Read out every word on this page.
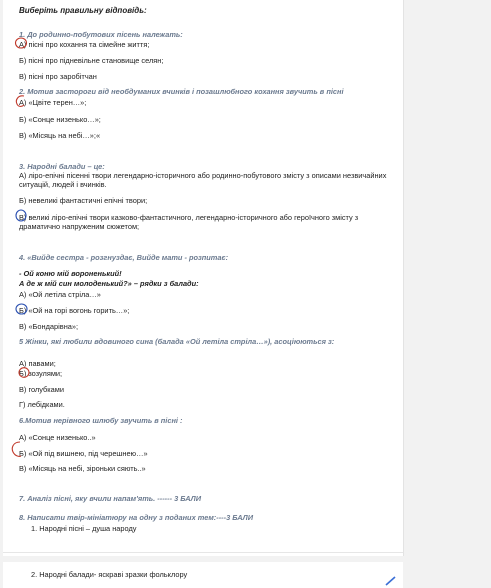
Виберіть правильну відповідь:
1. До родинно-побутових пісень належать:
А) пісні про кохання та сімейне життя;
Б) пісні про підневільне становище селян;
В) пісні про заробітчан
2. Мотив застороги від необдуманих вчинків і позашлюбного кохання звучить в пісні
А) «Цвіте терен…»;
Б) «Сонце низенько…»;
В) «Місяць на небі…»;«
3. Народні балади – це:
А) ліро-епічні пісенні твори легендарно-історичного або родинно-побутового змісту з описами незвичайних ситуацій, людей і вчинків.
Б) невеликі фантастичні епічні твори;
В) великі ліро-епічні твори казково-фантастичного, легендарно-історичного або героїчного змісту з драматично напруженим сюжетом;
4. «Вийде сестра - розгнуздає, Вийде мати - розпитає:
- Ой коню мій вороненький!
А де ж мій син молоденький?» – рядки з балади:
А) «Ой летіла стріла…»
Б) «Ой на горі вогонь горить…»;
В) «Бондарівна»;
5 Жінки, які любили вдовиного сина (балада «Ой летіла стріла…»), асоціюються з:
А) павами;
Б) зозулями;
В) голубками
Г) лебідками.
6.Мотив нерівного шлюбу звучить в пісні :
А) «Сонце низенько..»
Б) «Ой під вишнею, під черешнею…»
В) «Місяць на небі, зіроньки сяють..»
7. Аналіз пісні, яку вчили напам'ять. ------ 3 БАЛИ
8. Написати твір-мініатюру на одну з поданих тем:----3 БАЛИ
1. Народні пісні – душа народу
2. Народні балади- яскраві зразки фольклору
